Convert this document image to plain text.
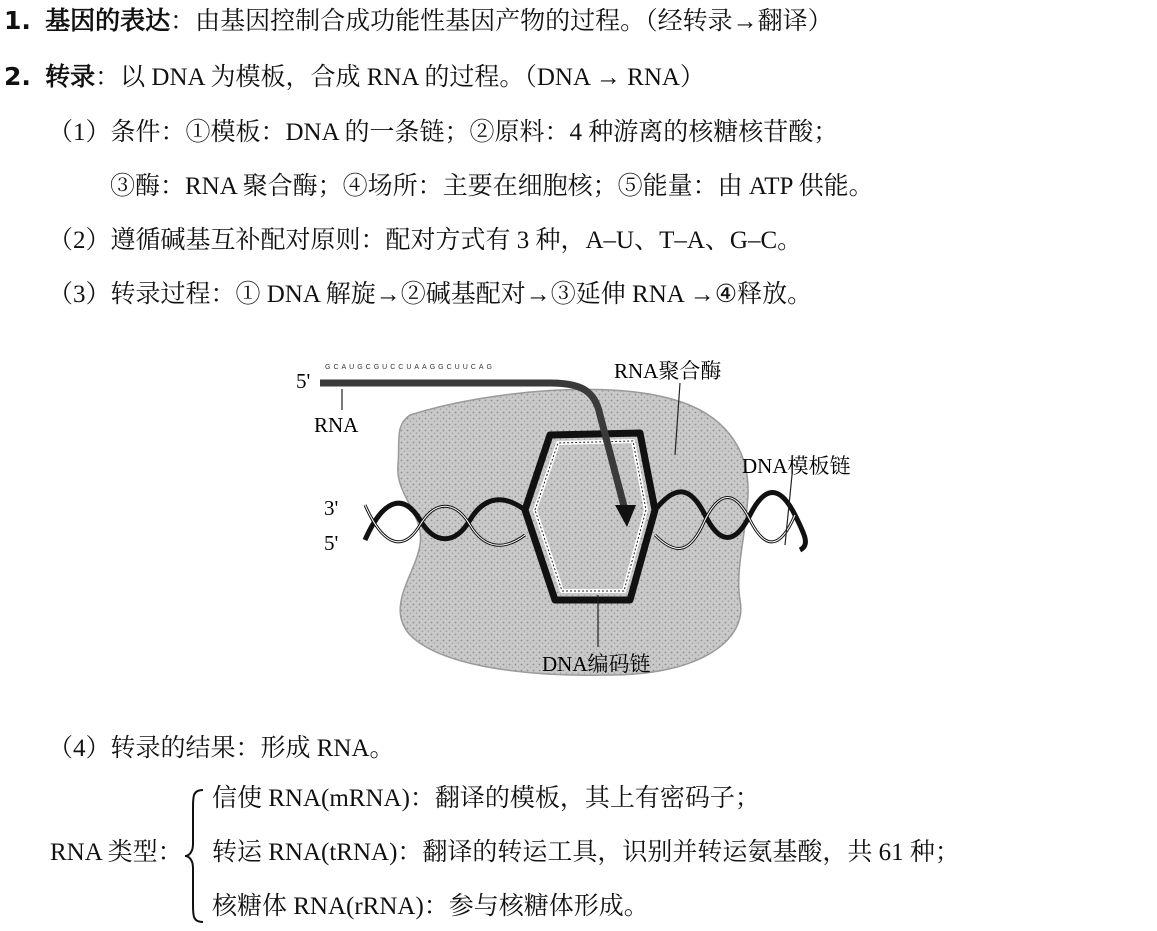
1. 基因的表达：由基因控制合成功能性基因产物的过程。（经转录→翻译）
2. 转录：以 DNA 为模板，合成 RNA 的过程。（DNA → RNA）
（1）条件：①模板：DNA 的一条链；②原料：4 种游离的核糖核苷酸；
③酶：RNA 聚合酶；④场所：主要在细胞核；⑤能量：由 ATP 供能。
（2）遵循碱基互补配对原则：配对方式有 3 种，A–U、T–A、G–C。
（3）转录过程：① DNA 解旋→②碱基配对→③延伸 RNA →④释放。
GCAUGCGUCCUAAGGCUUCAG
5'
RNA
RNA聚合酶
DNA模板链
3'
5'
DNA编码链
（4）转录的结果：形成 RNA。
RNA 类型：
信使 RNA(mRNA)：翻译的模板，其上有密码子；
转运 RNA(tRNA)：翻译的转运工具，识别并转运氨基酸，共 61 种；
核糖体 RNA(rRNA)：参与核糖体形成。
